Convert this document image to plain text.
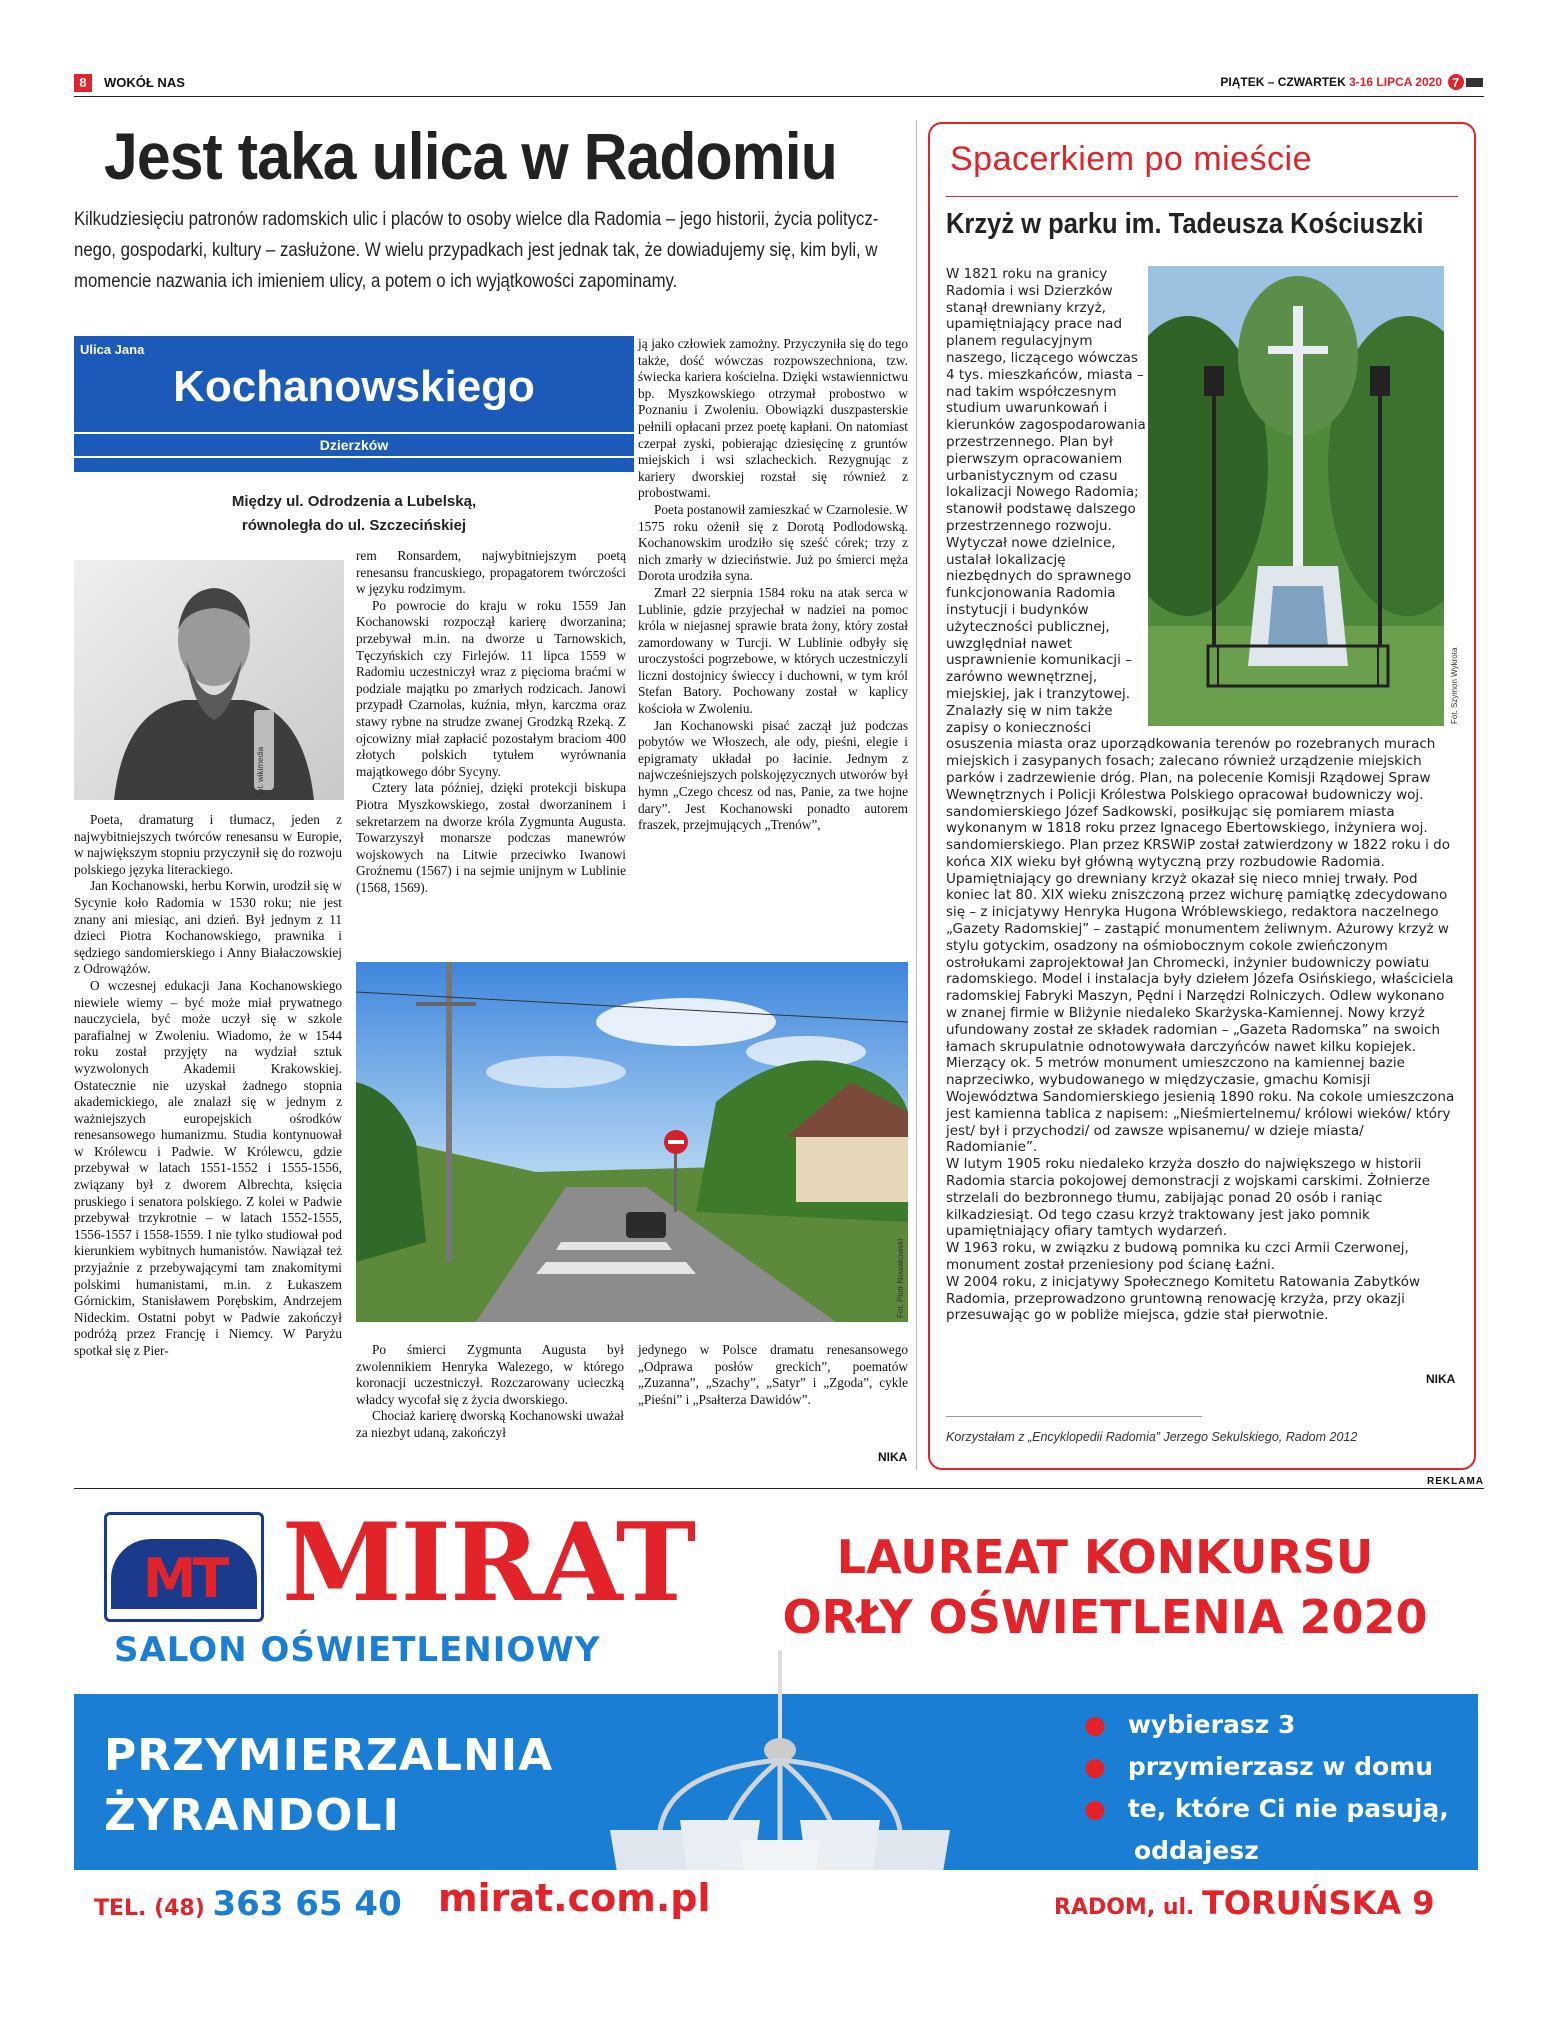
8	WOKÓŁ NAS	PIĄTEK – CZWARTEK 3-16 LIPCA 2020 7
Jest taka ulica w Radomiu
Kilkudziesięciu patronów radomskich ulic i placów to osoby wielce dla Radomia – jego historii, życia politycznego, gospodarki, kultury – zasłużone. W wielu przypadkach jest jednak tak, że dowiadujemy się, kim byli, w momencie nazwania ich imieniem ulicy, a potem o ich wyjątkowości zapominamy.
Ulica Jana
Kochanowskiego
Dzierzków
Między ul. Odrodzenia a Lubelską,
równoległa do ul. Szczecińskiej
Fot. wikimedia

Poeta, dramaturg i tłumacz, jeden z najwybitniejszych twórców renesansu w Europie, w największym stopniu przyczynił się do rozwoju polskiego języka literackiego.

Jan Kochanowski, herbu Korwin, urodził się w Sycynie koło Radomia w 1530 roku; nie jest znany ani miesiąc, ani dzień. Był jednym z 11 dzieci Piotra Kochanowskiego, prawnika i sędziego sandomierskiego i Anny Białaczowskiej z Odrowążów.

O wczesnej edukacji Jana Kochanowskiego niewiele wiemy – być może miał prywatnego nauczyciela, być może uczył się w szkole parafialnej w Zwoleniu. Wiadomo, że w 1544 roku został przyjęty na wydział sztuk wyzwolonych Akademii Krakowskiej. Ostatecznie nie uzyskał żadnego stopnia akademickiego, ale znalazł się w jednym z ważniejszych europejskich ośrodków renesansowego humanizmu. Studia kontynuował w Królewcu i Padwie. W Królewcu, gdzie przebywał w latach 1551-1552 i 1555-1556, związany był z dworem Albrechta, księcia pruskiego i senatora polskiego. Z kolei w Padwie przebywał trzykrotnie – w latach 1552-1555, 1556-1557 i 1558-1559. I nie tylko studiował pod kierunkiem wybitnych humanistów. Nawiązał też przyjaźnie z przebywającymi tam znakomitymi polskimi humanistami, m.in. z Łukaszem Górnickim, Stanisławem Porębskim, Andrzejem Nideckim. Ostatni pobyt w Padwie zakończył podróżą przez Francję i Niemcy. W Paryżu spotkał się z Pier-

rem Ronsardem, najwybitniejszym poetą renesansu francuskiego, propagatorem twórczości w języku rodzimym.

Po powrocie do kraju w roku 1559 Jan Kochanowski rozpoczął karierę dworzanina; przebywał m.in. na dworze u Tarnowskich, Tęczyńskich czy Firlejów. 11 lipca 1559 w Radomiu uczestniczył wraz z pięcioma braćmi w podziale majątku po zmarłych rodzicach. Janowi przypadł Czarnolas, kuźnia, młyn, karczma oraz stawy rybne na strudze zwanej Grodzką Rzeką. Z ojcowizny miał zapłacić pozostałym braciom 400 złotych polskich tytułem wyrównania majątkowego dóbr Sycyny.

Cztery lata później, dzięki protekcji biskupa Piotra Myszkowskiego, został dworzaninem i sekretarzem na dworze króla Zygmunta Augusta. Towarzyszył monarsze podczas manewrów wojskowych na Litwie przeciwko Iwanowi Groźnemu (1567) i na sejmie unijnym w Lublinie (1568, 1569).

ją jako człowiek zamożny. Przyczyniła się do tego także, dość wówczas rozpowszechniona, tzw. świecka kariera kościelna. Dzięki wstawiennictwu bp. Myszkowskiego otrzymał probostwo w Poznaniu i Zwoleniu. Obowiązki duszpasterskie pełnili opłacani przez poetę kapłani. On natomiast czerpał zyski, pobierając dziesięcinę z gruntów miejskich i wsi szlacheckich. Rezygnując z kariery dworskiej rozstał się również z probostwami.

Poeta postanowił zamieszkać w Czarnolesie. W 1575 roku ożenił się z Dorotą Podlodowską. Kochanowskim urodziło się sześć córek; trzy z nich zmarły w dzieciństwie. Już po śmierci męża Dorota urodziła syna.

Zmarł 22 sierpnia 1584 roku na atak serca w Lublinie, gdzie przyjechał w nadziei na pomoc króla w niejasnej sprawie brata żony, który został zamordowany w Turcji. W Lublinie odbyły się uroczystości pogrzebowe, w których uczestniczyli liczni dostojnicy świeccy i duchowni, w tym król Stefan Batory. Pochowany został w kaplicy kościoła w Zwoleniu.

Jan Kochanowski pisać zaczął już podczas pobytów we Włoszech, ale ody, pieśni, elegie i epigramaty układał po łacinie. Jednym z najwcześniejszych polskojęzycznych utworów był hymn „Czego chcesz od nas, Panie, za twe hojne dary”. Jest Kochanowski ponadto autorem fraszek, przejmujących „Trenów”,

Fot. Piotr Nowakowski

Po śmierci Zygmunta Augusta był zwolennikiem Henryka Walezego, w którego koronacji uczestniczył. Rozczarowany ucieczką władcy wycofał się z życia dworskiego.

Chociaż karierę dworską Kochanowski uważał za niezbyt udaną, zakończył

jedynego w Polsce dramatu renesansowego „Odprawa posłów greckich”, poematów „Zuzanna”, „Szachy”, „Satyr” i „Zgoda”, cykle „Pieśni” i „Psałterza Dawidów”.

NIKA
Spacerkiem po mieście
Krzyż w parku im. Tadeusza Kościuszki
Fot. Szymon Wykrota

W 1821 roku na granicy Radomia i wsi Dzierzków stanął drewniany krzyż, upamiętniający prace nad planem regulacyjnym naszego, liczącego wówczas 4 tys. mieszkańców, miasta – nad takim współczesnym studium uwarunkowań i kierunków zagospodarowania przestrzennego. Plan był pierwszym opracowaniem urbanistycznym od czasu lokalizacji Nowego Radomia; stanowił podstawę dalszego przestrzennego rozwoju. Wytyczał nowe dzielnice, ustalał lokalizację niezbędnych do sprawnego funkcjonowania Radomia instytucji i budynków użyteczności publicznej, uwzględniał nawet usprawnienie komunikacji – zarówno wewnętrznej, miejskiej, jak i tranzytowej. Znalazły się w nim także zapisy o konieczności osuszenia miasta oraz uporządkowania terenów po rozebranych murach miejskich i zasypanych fosach; zalecano również urządzenie miejskich parków i zadrzewienie dróg. Plan, na polecenie Komisji Rządowej Spraw Wewnętrznych i Policji Królestwa Polskiego opracował budowniczy woj. sandomierskiego Józef Sadkowski, posiłkując się pomiarem miasta wykonanym w 1818 roku przez Ignacego Ebertowskiego, inżyniera woj. sandomierskiego. Plan przez KRSWiP został zatwierdzony w 1822 roku i do końca XIX wieku był główną wytyczną przy rozbudowie Radomia.

Upamiętniający go drewniany krzyż okazał się nieco mniej trwały. Pod koniec lat 80. XIX wieku zniszczoną przez wichurę pamiątkę zdecydowano się – z inicjatywy Henryka Hugona Wróblewskiego, redaktora naczelnego „Gazety Radomskiej” – zastąpić monumentem żeliwnym. Ażurowy krzyż w stylu gotyckim, osadzony na ośmiobocznym cokole zwieńczonym ostrołukami zaprojektował Jan Chromecki, inżynier budowniczy powiatu radomskiego. Model i instalacja były dziełem Józefa Osińskiego, właściciela radomskiej Fabryki Maszyn, Pędni i Narzędzi Rolniczych. Odlew wykonano w znanej firmie w Bliżynie niedaleko Skarżyska-Kamiennej. Nowy krzyż ufundowany został ze składek radomian – „Gazeta Radomska” na swoich łamach skrupulatnie odnotowywała darczyńców nawet kilku kopiejek.

Mierzący ok. 5 metrów monument umieszczono na kamiennej bazie naprzeciwko, wybudowanego w międzyczasie, gmachu Komisji Województwa Sandomierskiego jesienią 1890 roku. Na cokole umieszczona jest kamienna tablica z napisem: „Nieśmiertelnemu/ królowi wieków/ który jest/ był i przychodzi/ od zawsze wpisanemu/ w dzieje miasta/ Radomianie”.

W lutym 1905 roku niedaleko krzyża doszło do największego w historii Radomia starcia pokojowej demonstracji z wojskami carskimi. Żołnierze strzelali do bezbronnego tłumu, zabijając ponad 20 osób i raniąc kilkadziesiąt. Od tego czasu krzyż traktowany jest jako pomnik upamiętniający ofiary tamtych wydarzeń.

W 1963 roku, w związku z budową pomnika ku czci Armii Czerwonej, monument został przeniesiony pod ścianę Łaźni.

W 2004 roku, z inicjatywy Społecznego Komitetu Ratowania Zabytków Radomia, przeprowadzono gruntowną renowację krzyża, przy okazji przesuwając go w pobliże miejsca, gdzie stał pierwotnie.

NIKA
Korzystałam z „Encyklopedii Radomia” Jerzego Sekulskiego, Radom 2012
REKLAMA
MT MIRAT
SALON OŚWIETLENIOWY
LAUREAT KONKURSU
ORŁY OŚWIETLENIA 2020
PRZYMIERZALNIA
ŻYRANDOLI
● wybierasz 3
● przymierzasz w domu
● te, które Ci nie pasują,
oddajesz
TEL. (48) 363 65 40 mirat.com.pl	RADOM, ul. TORUŃSKA 9
